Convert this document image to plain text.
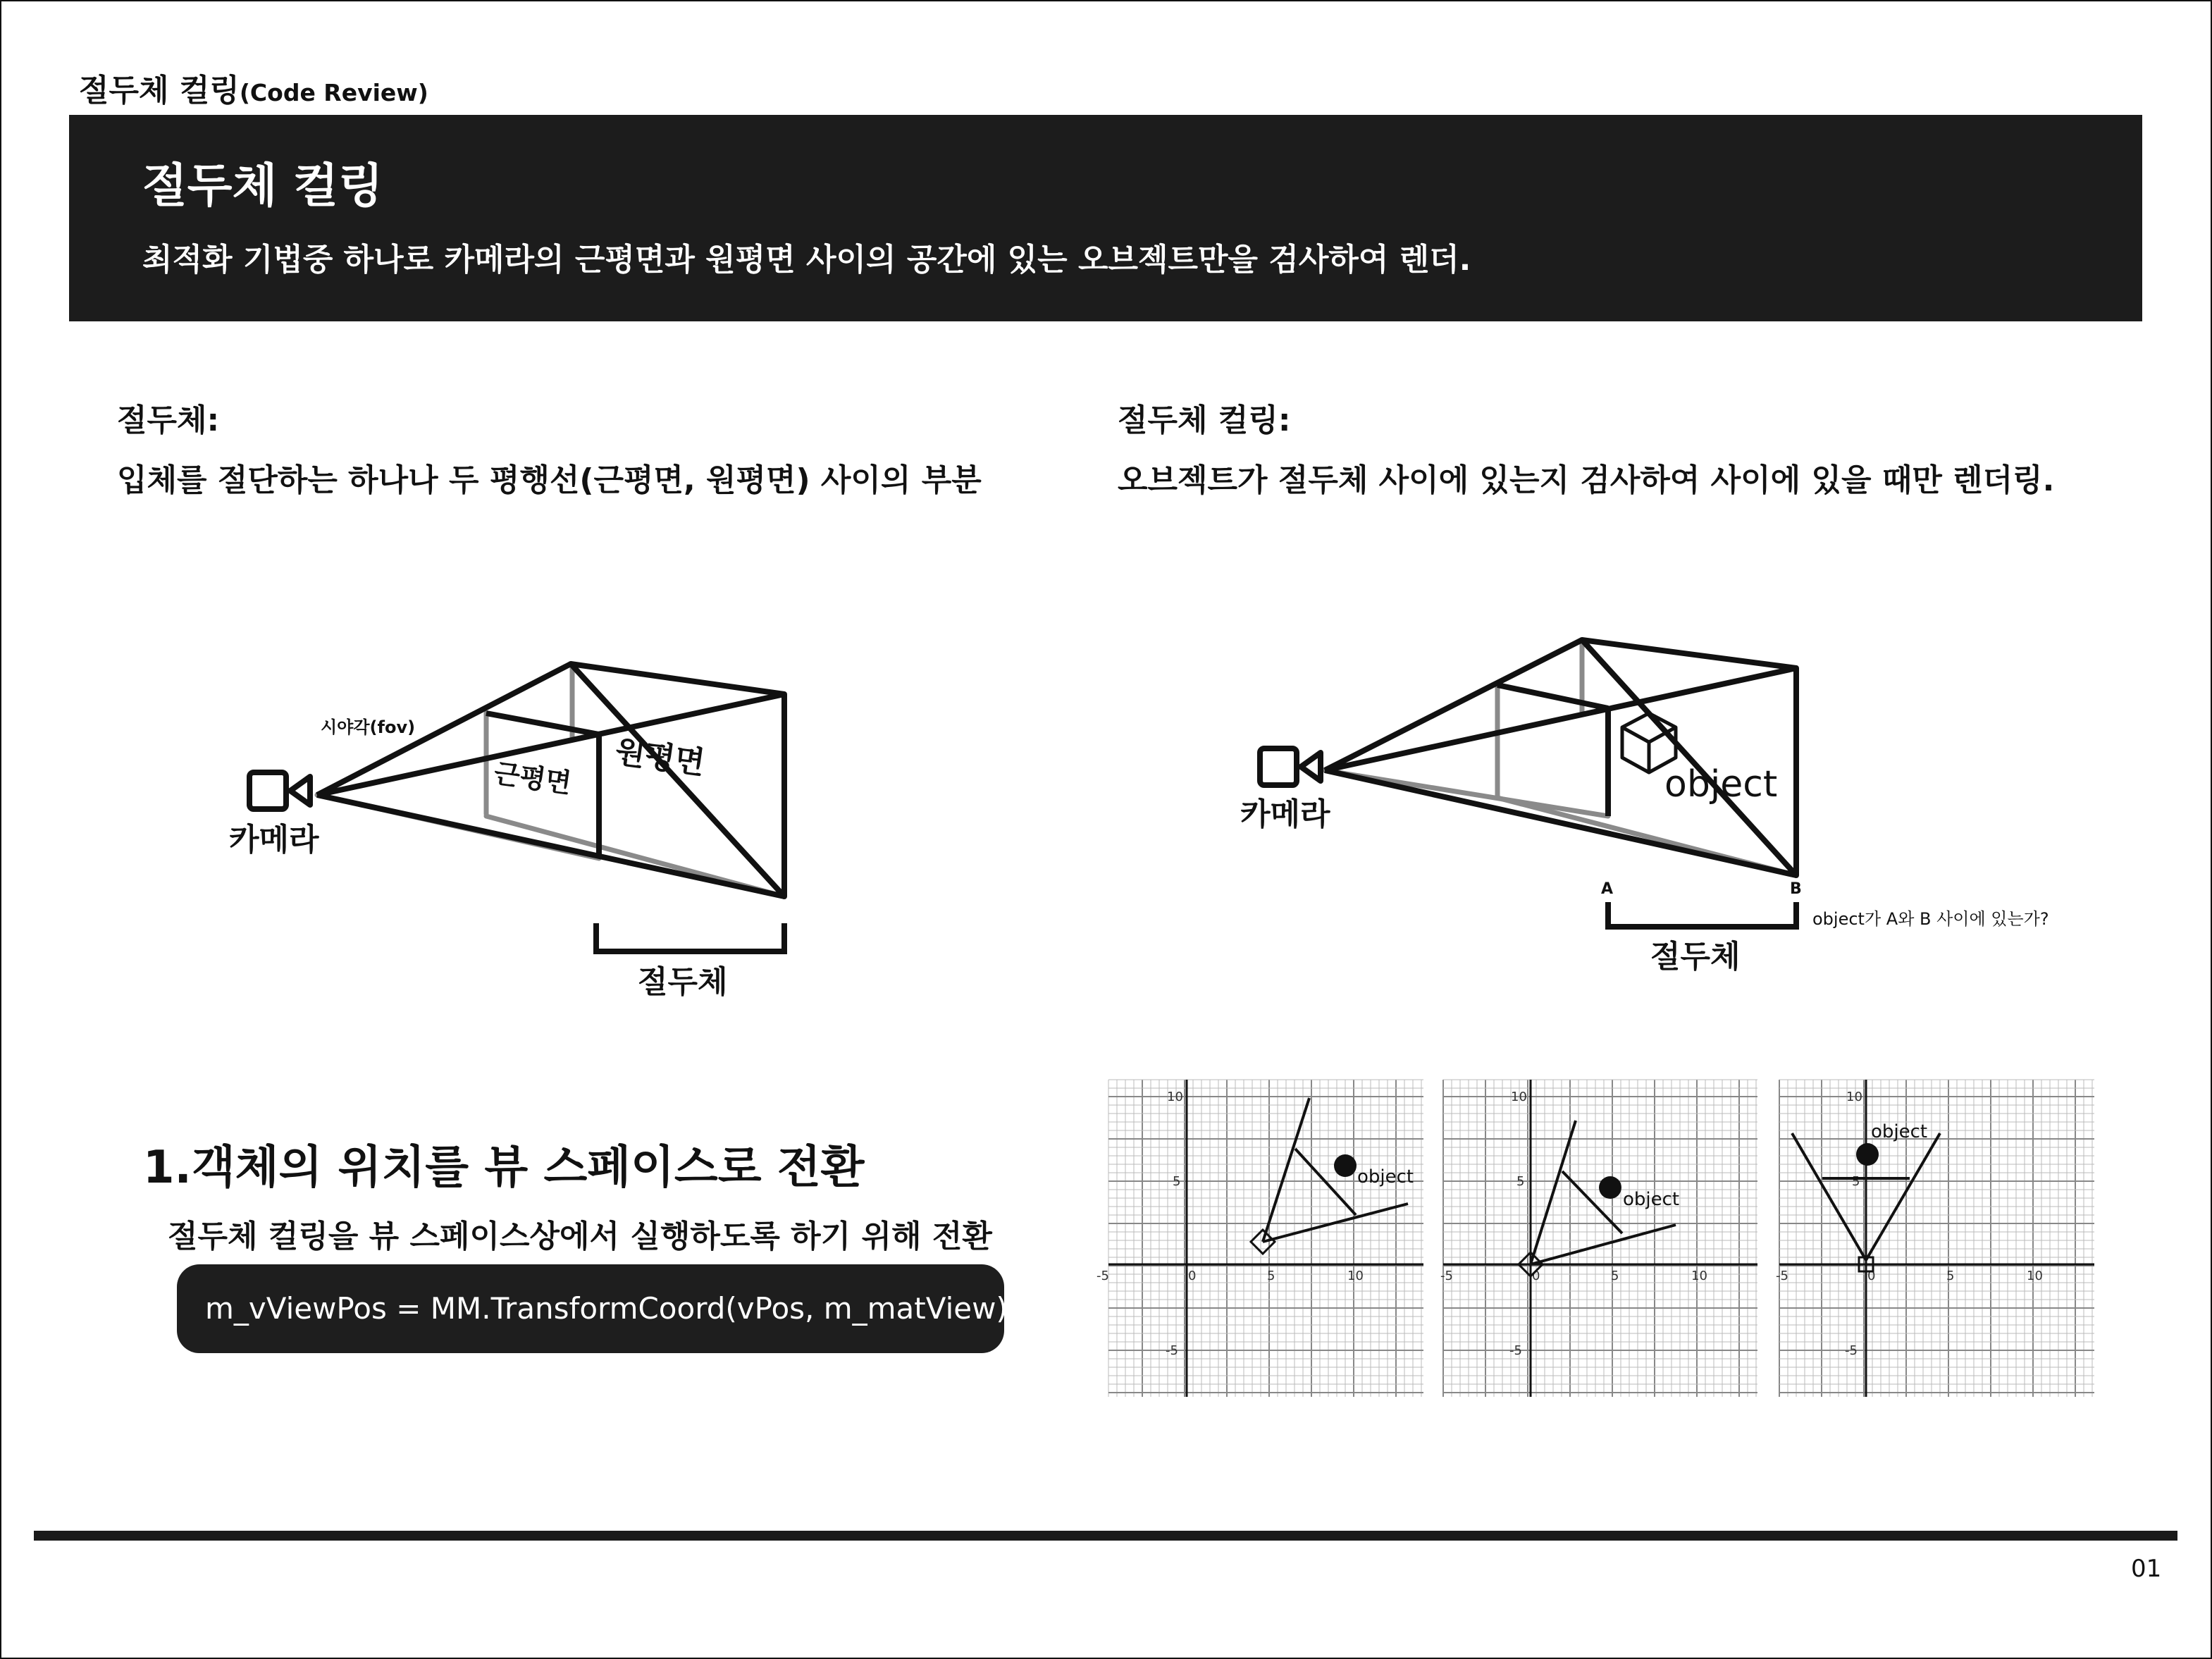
절두체 컬링(Code Review)
절두체 컬링
최적화 기법중 하나로 카메라의 근평면과 원평면 사이의 공간에 있는 오브젝트만을 검사하여 렌더.
절두체:
입체를 절단하는 하나나 두 평행선(근평면, 원평면) 사이의 부분
절두체 컬링:
오브젝트가 절두체 사이에 있는지 검사하여 사이에 있을 때만 렌더링.
시야각(fov)
근평면 원평면
카메라
절두체
카메라
object
A	B
절두체
object가 A와 B 사이에 있는가?
1.객체의 위치를 뷰 스페이스로 전환
절두체 컬링을 뷰 스페이스상에서 실행하도록 하기 위해 전환
m_vViewPos = MM.TransformCoord(vPos, m_matView);
-5	0	5	10
10
5
-5
object
-5	0	5	10
10
5
-5
object
-5	0	5	10
10
5
-5
object
01
